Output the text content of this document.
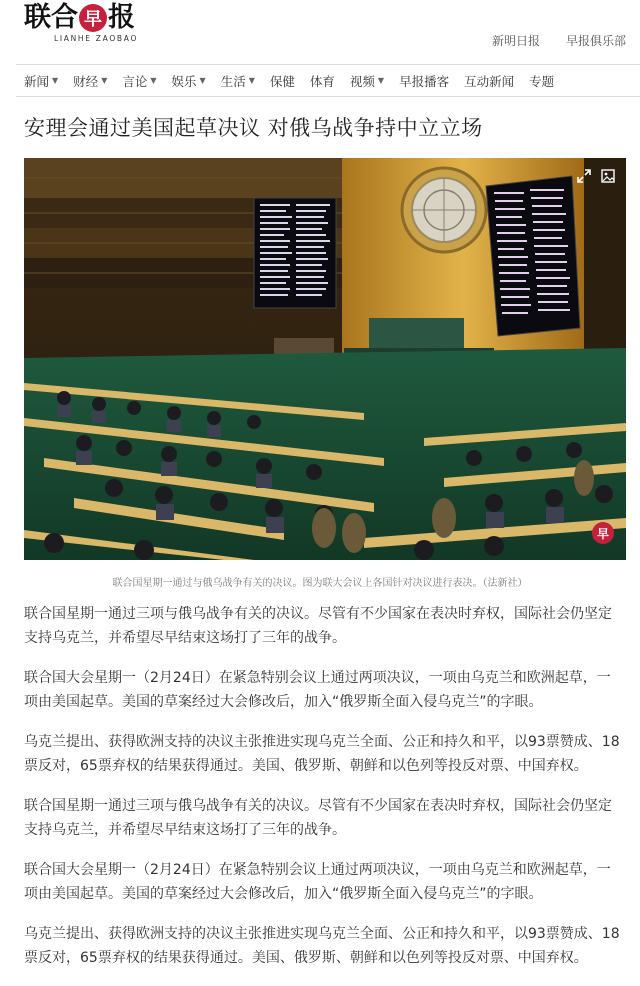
联 合 早 报
LIANHE ZAOBAO	新明日报 早报俱乐部
新闻 ▼ 财经 ▼ 言论 ▼ 娱乐 ▼ 生活 ▼ 保健 体育 视频 ▼ 早报播客 互动新闻 专题
安理会通过美国起草决议 对俄乌战争持中立立场
早
联合国星期一通过与俄乌战争有关的决议。图为联大会议上各国针对决议进行表决。（法新社）

联合国星期一通过三项与俄乌战争有关的决议。尽管有不少国家在表决时弃权，国际社会仍坚定支持乌克兰，并希望尽早结束这场打了三年的战争。

联合国大会星期一（2月24日）在紧急特别会议上通过两项决议，一项由乌克兰和欧洲起草，一项由美国起草。美国的草案经过大会修改后，加入“俄罗斯全面入侵乌克兰”的字眼。

乌克兰提出、获得欧洲支持的决议主张推进实现乌克兰全面、公正和持久和平，以93票赞成、18票反对，65票弃权的结果获得通过。美国、俄罗斯、朝鲜和以色列等投反对票、中国弃权。

联合国星期一通过三项与俄乌战争有关的决议。尽管有不少国家在表决时弃权，国际社会仍坚定支持乌克兰，并希望尽早结束这场打了三年的战争。

联合国大会星期一（2月24日）在紧急特别会议上通过两项决议，一项由乌克兰和欧洲起草，一项由美国起草。美国的草案经过大会修改后，加入“俄罗斯全面入侵乌克兰”的字眼。

乌克兰提出、获得欧洲支持的决议主张推进实现乌克兰全面、公正和持久和平，以93票赞成、18票反对，65票弃权的结果获得通过。美国、俄罗斯、朝鲜和以色列等投反对票、中国弃权。
